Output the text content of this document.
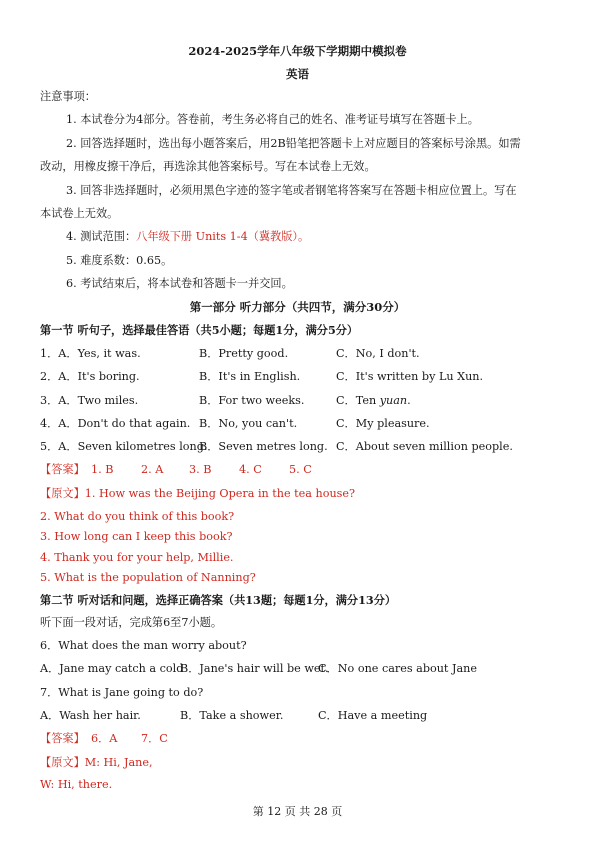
2024-2025学年八年级下学期期中模拟卷
英语
注意事项：
1. 本试卷分为4部分。答卷前，考生务必将自己的姓名、准考证号填写在答题卡上。
2. 回答选择题时，选出每小题答案后，用2B铅笔把答题卡上对应题目的答案标号涂黑。如需
改动，用橡皮擦干净后，再选涂其他答案标号。写在本试卷上无效。
3. 回答非选择题时，必须用黑色字迹的签字笔或者钢笔将答案写在答题卡相应位置上。写在
本试卷上无效。
4. 测试范围：八年级下册 Units 1-4（冀教版）。
5. 难度系数：0.65。
6. 考试结束后，将本试卷和答题卡一并交回。
第一部分 听力部分（共四节，满分30分）
第一节 听句子，选择最佳答语（共5小题；每题1分，满分5分）
1．A．Yes, it was.	B．Pretty good.	C．No, I don't.
2．A．It's boring.	B．It's in English.	C．It's written by Lu Xun.
3．A．Two miles.	B．For two weeks.	C．Ten yuan.
4．A．Don't do that again. B．No, you can't.	C．My pleasure.
5．A．Seven kilometres long.
B．Seven metres long. C．About seven million people.
【答案】 1. B 2. A 3. B 4. C 5. C
【原文】1. How was the Beijing Opera in the tea house?
2. What do you think of this book?
3. How long can I keep this book?
4. Thank you for your help, Millie.
5. What is the population of Nanning?
第二节 听对话和问题，选择正确答案（共13题；每题1分，满分13分）
听下面一段对话，完成第6至7小题。
6．What does the man worry about?
A．Jane may catch a cold
B．Jane's hair will be wet.
C．No one cares about Jane
7．What is Jane going to do?
A．Wash her hair.	B．Take a shower.	C．Have a meeting
【答案】 6．A 7．C
【原文】M: Hi, Jane,
W: Hi, there.
第 12 页 共 28 页
